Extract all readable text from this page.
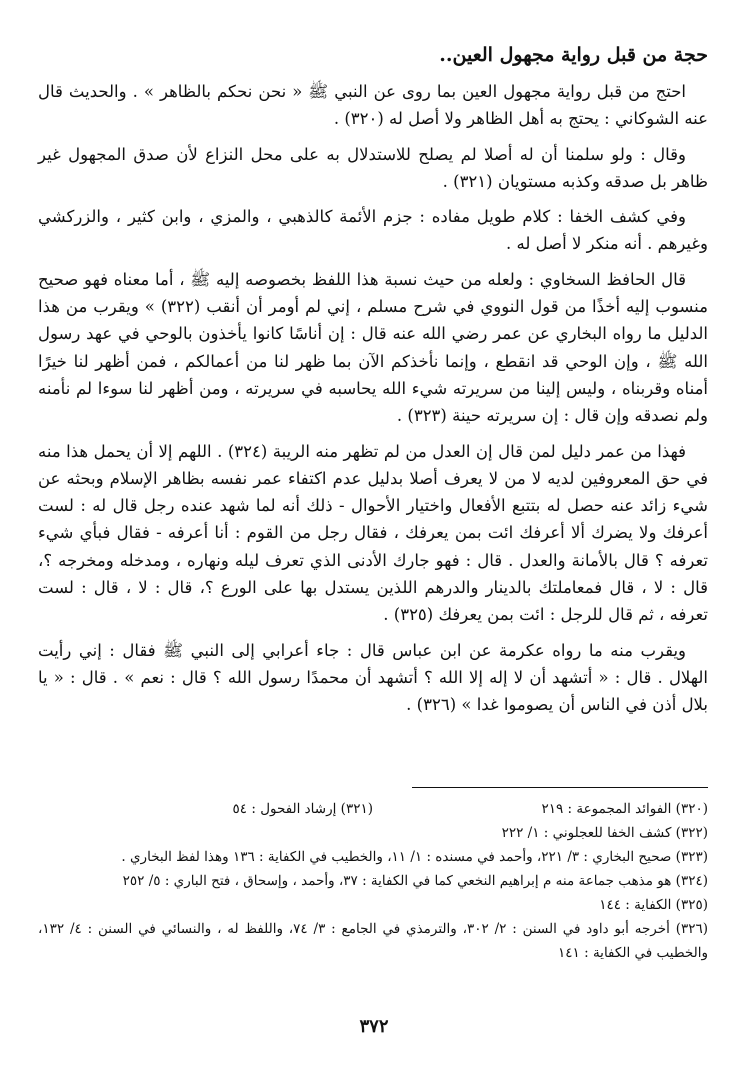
حجة من قبل رواية مجهول العين..

احتج من قبل رواية مجهول العين بما روى عن النبي ﷺ « نحن نحكم بالظاهر » . والحديث قال عنه الشوكاني : يحتج به أهل الظاهر ولا أصل له (٣٢٠) .

وقال : ولو سلمنا أن له أصلا لم يصلح للاستدلال به على محل النزاع لأن صدق المجهول غير ظاهر بل صدقه وكذبه مستويان (٣٢١) .

وفي كشف الخفا : كلام طويل مفاده : جزم الأئمة كالذهبي ، والمزي ، وابن كثير ، والزركشي وغيرهم . أنه منكر لا أصل له .

قال الحافظ السخاوي : ولعله من حيث نسبة هذا اللفظ بخصوصه إليه ﷺ ، أما معناه فهو صحيح منسوب إليه أخذًا من قول النووي في شرح مسلم ، إني لم أومر أن أنقب (٣٢٢) » ويقرب من هذا الدليل ما رواه البخاري عن عمر رضي الله عنه قال : إن أناسًا كانوا يأخذون بالوحي في عهد رسول الله ﷺ ، وإن الوحي قد انقطع ، وإنما نأخذكم الآن بما ظهر لنا من أعمالكم ، فمن أظهر لنا خيرًا أمناه وقربناه ، وليس إلينا من سريرته شيء الله يحاسبه في سريرته ، ومن أظهر لنا سوءا لم نأمنه ولم نصدقه وإن قال : إن سريرته حينة (٣٢٣) .

فهذا من عمر دليل لمن قال إن العدل من لم تظهر منه الريبة (٣٢٤) . اللهم إلا أن يحمل هذا منه في حق المعروفين لديه لا من لا يعرف أصلا بدليل عدم اكتفاء عمر نفسه بظاهر الإسلام وبحثه عن شيء زائد عنه حصل له بتتبع الأفعال واختيار الأحوال - ذلك أنه لما شهد عنده رجل قال له : لست أعرفك ولا يضرك ألا أعرفك ائت بمن يعرفك ، فقال رجل من القوم : أنا أعرفه - فقال فبأي شيء تعرفه ؟ قال بالأمانة والعدل . قال : فهو جارك الأدنى الذي تعرف ليله ونهاره ، ومدخله ومخرجه ؟، قال : لا ، قال فمعاملتك بالدينار والدرهم اللذين يستدل بها على الورع ؟، قال : لا ، قال : لست تعرفه ، ثم قال للرجل : ائت بمن يعرفك (٣٢٥) .

ويقرب منه ما رواه عكرمة عن ابن عباس قال : جاء أعرابي إلى النبي ﷺ فقال : إني رأيت الهلال . قال : « أتشهد أن لا إله إلا الله ؟ أتشهد أن محمدًا رسول الله ؟ قال : نعم » . قال : « يا بلال أذن في الناس أن يصوموا غدا » (٣٢٦) .

(٣٢٠) الفوائد المجموعة : ٢١٩
(٣٢١) إرشاد الفحول : ٥٤

(٣٢٢) كشف الخفا للعجلوني : ١/ ٢٢٢

(٣٢٣) صحيح البخاري : ٣/ ٢٢١، وأحمد في مسنده : ١/ ١١، والخطيب في الكفاية : ١٣٦ وهذا لفظ البخاري .

(٣٢٤) هو مذهب جماعة منه م إبراهيم النخعي كما في الكفاية : ٣٧، وأحمد ، وإسحاق ، فتح الباري : ٥/ ٢٥٢

(٣٢٥) الكفاية : ١٤٤

(٣٢٦) أخرجه أبو داود في السنن : ٢/ ٣٠٢، والترمذي في الجامع : ٣/ ٧٤، واللفظ له ، والنسائي في السنن : ٤/ ١٣٢، والخطيب في الكفاية : ١٤١

٣٧٢
